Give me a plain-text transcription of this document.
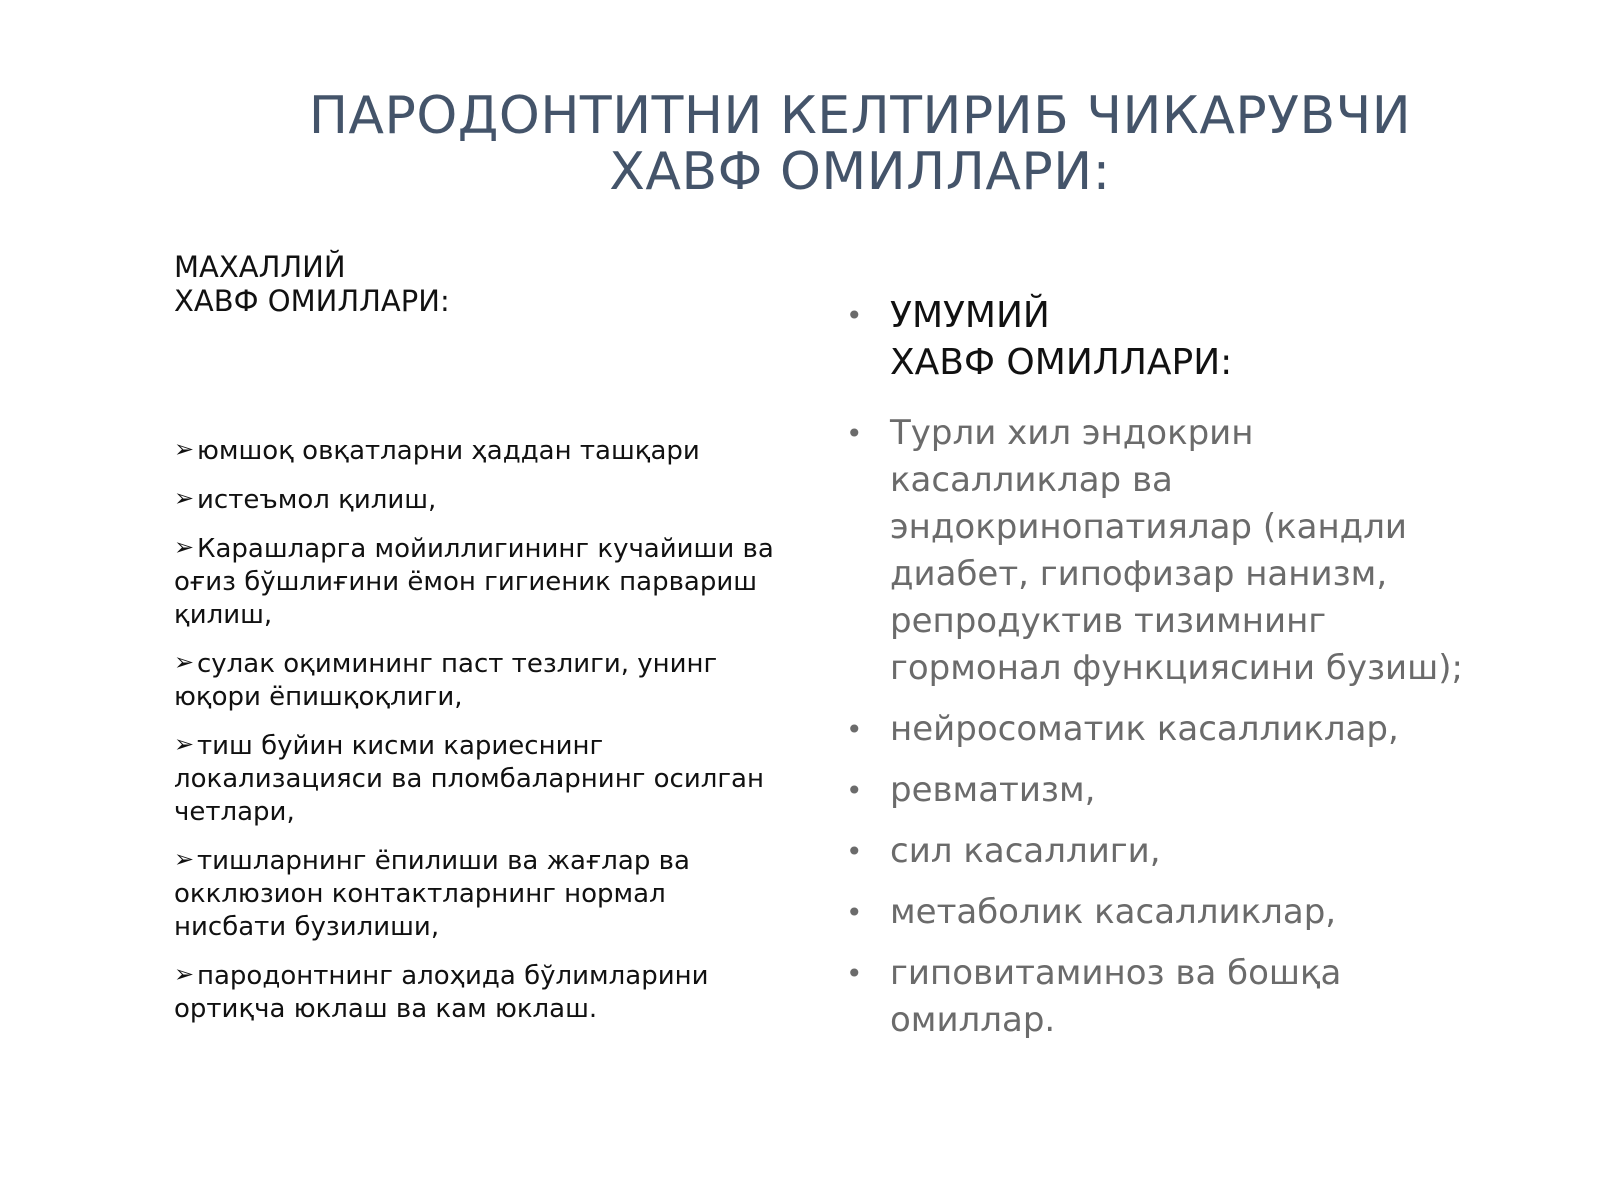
ПАРОДОНТИТНИ КЕЛТИРИБ ЧИКАРУВЧИ
ХАВФ ОМИЛЛАРИ:
МАХАЛЛИЙ
ХАВФ ОМИЛЛАРИ:
➢ юмшоқ овқатларни ҳаддан ташқари
➢ истеъмол қилиш,
➢ Карашларга мойиллигининг кучайиши ва оғиз бўшлиғини ёмон гигиеник парвариш қилиш,
➢ сулак оқимининг паст тезлиги, унинг юқори ёпишқоқлиги,
➢ тиш буйин кисми кариеснинг локализацияси ва пломбаларнинг осилган четлари,
➢ тишларнинг ёпилиши ва жағлар ва окклюзион контактларнинг нормал нисбати бузилиши,
➢ пародонтнинг алоҳида бўлимларини ортиқча юклаш ва кам юклаш.
• УМУМИЙ
ХАВФ ОМИЛЛАРИ:
• Турли хил эндокрин касалликлар ва эндокринопатиялар (кандли диабет, гипофизар нанизм, репродуктив тизимнинг гормонал функциясини бузиш);
• нейросоматик касалликлар,
• ревматизм,
• сил касаллиги,
• метаболик касалликлар,
• гиповитаминоз ва бошқа омиллар.
